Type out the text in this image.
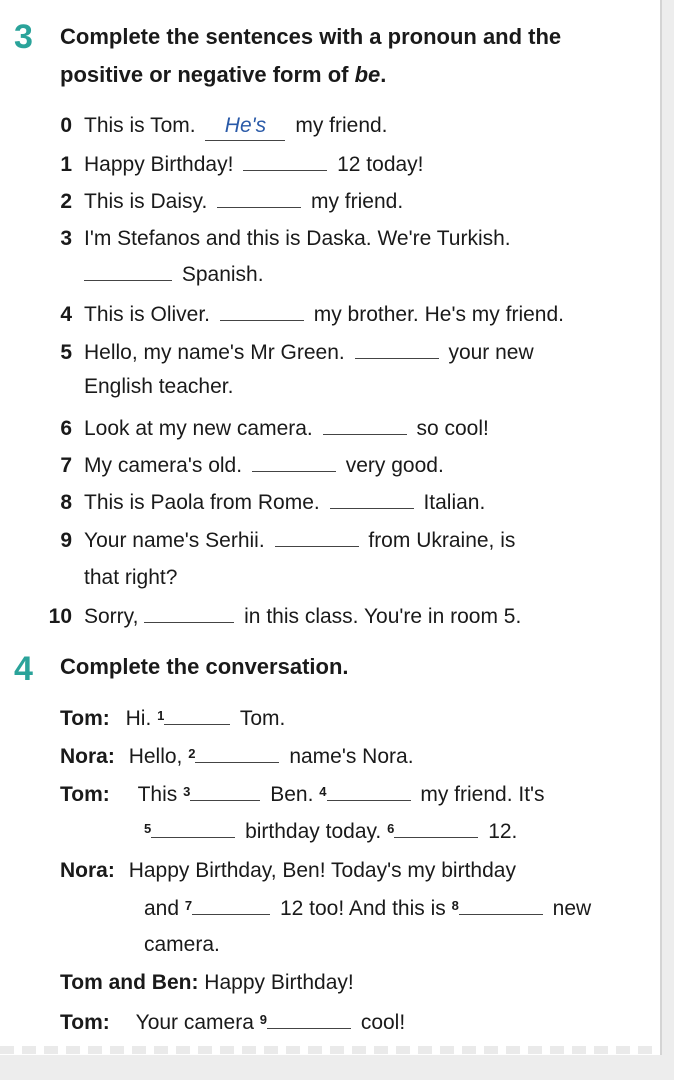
3 Complete the sentences with a pronoun and the
positive or negative form of be.
0 This is Tom. He's my friend.
1 Happy Birthday!	12 today!
2 This is Daisy.	my friend.
3 I'm Stefanos and this is Daska. We're Turkish.
Spanish.
4 This is Oliver.	my brother. He's my friend.
5 Hello, my name's Mr Green.	your new
English teacher.
6 Look at my new camera.	so cool!
7 My camera's old.	very good.
8 This is Paola from Rome.	Italian.
9 Your name's Serhii.	from Ukraine, is
that right?
10 Sorry,	in this class. You're in room 5.
4 Complete the conversation.
Tom: Hi. $^1$	Tom.
Nora: Hello, $^2$	name's Nora.
Tom: This $^3$	Ben. $^4$	my friend. It's
$^5$	birthday today. $^6$	12.
Nora: Happy Birthday, Ben! Today's my birthday
and $^7$	12 too! And this is $^8$	new
camera.
Tom and Ben: Happy Birthday!
Tom: Your camera $^9$	cool!
